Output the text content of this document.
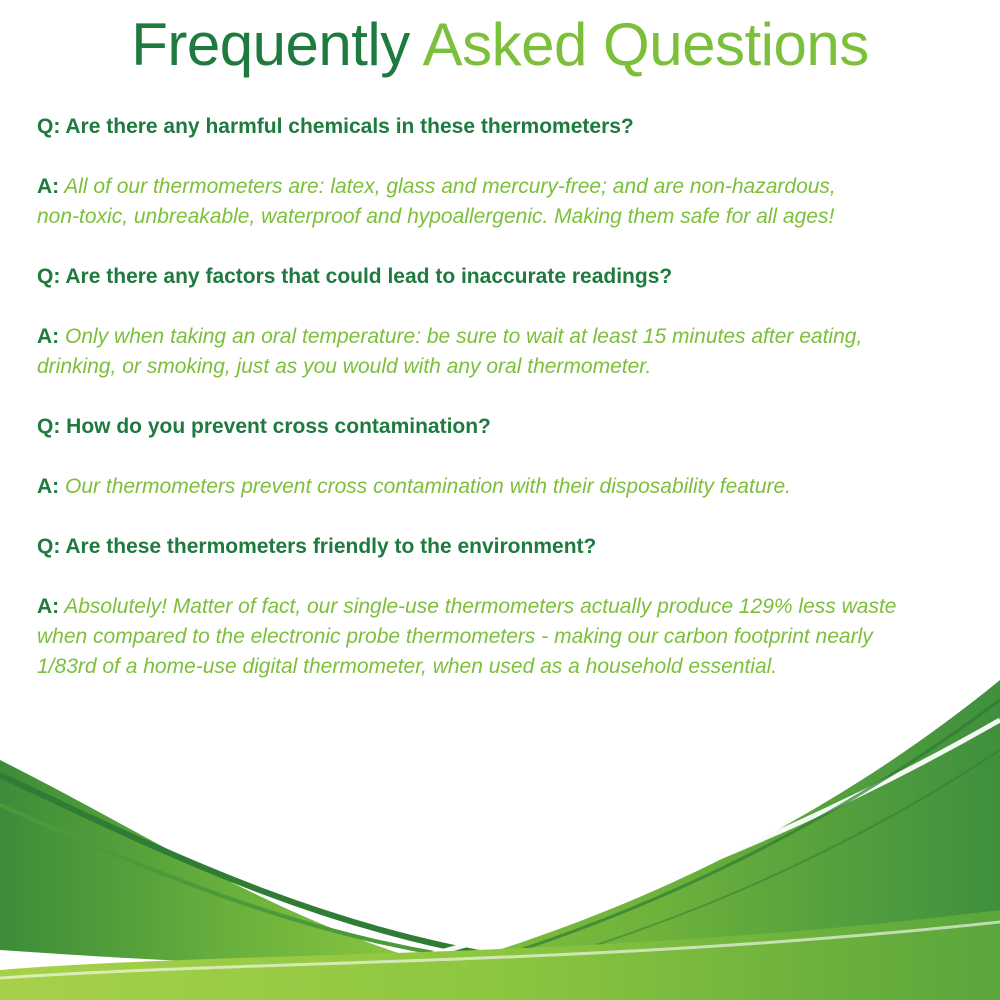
Frequently Asked Questions

Q: Are there any harmful chemicals in these thermometers?

A: All of our thermometers are: latex, glass and mercury-free; and are non-hazardous,
non-toxic, unbreakable, waterproof and hypoallergenic. Making them safe for all ages!

Q: Are there any factors that could lead to inaccurate readings?

A: Only when taking an oral temperature: be sure to wait at least 15 minutes after eating,
drinking, or smoking, just as you would with any oral thermometer.

Q: How do you prevent cross contamination?

A: Our thermometers prevent cross contamination with their disposability feature.

Q: Are these thermometers friendly to the environment?

A: Absolutely! Matter of fact, our single-use thermometers actually produce 129% less waste
when compared to the electronic probe thermometers - making our carbon footprint nearly
1/83rd of a home-use digital thermometer, when used as a household essential.
